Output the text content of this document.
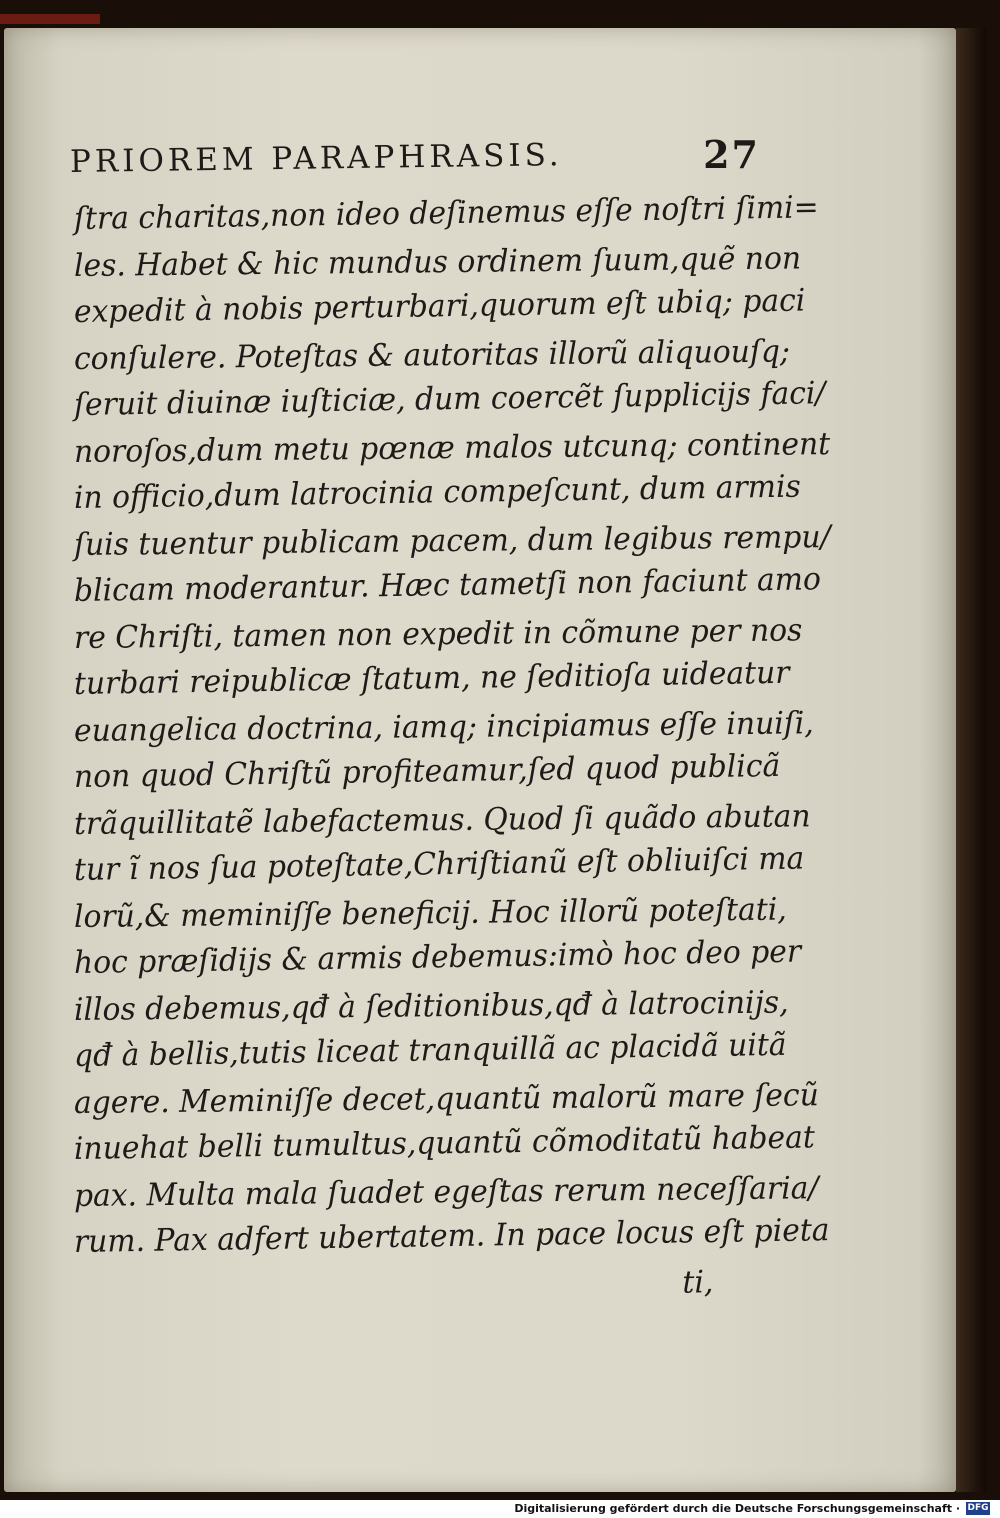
PRIOREM PARAPHRASIS.	27
ſtra charitas,non ideo deſinemus eſſe noſtri ſimi=
les. Habet & hic mundus ordinem ſuum,quẽ non
expedit à nobis perturbari,quorum eſt ubiq; paci
conſulere. Poteſtas & autoritas illorũ aliquouſq;
ſeruit diuinæ iuſticiæ, dum coercẽt ſupplicijs faci/
noroſos,dum metu pœnæ malos utcunq; continent
in officio,dum latrocinia compeſcunt, dum armis
ſuis tuentur publicam pacem, dum legibus rempu/
blicam moderantur. Hæc tametſi non faciunt amo
re Chriſti, tamen non expedit in cõmune per nos
turbari reipublicæ ſtatum, ne ſeditioſa uideatur
euangelica doctrina, iamq; incipiamus eſſe inuiſi,
non quod Chriſtũ profiteamur,ſed quod publicã
trãquillitatẽ labefactemus. Quod ſi quãdo abutan
tur ĩ nos ſua poteſtate,Chriſtianũ eſt obliuiſci ma
lorũ,& meminiſſe beneficij. Hoc illorũ poteſtati,
hoc præſidijs & armis debemus:imò hoc deo per
illos debemus,qđ à ſeditionibus,qđ à latrocinijs,
qđ à bellis,tutis liceat tranquillã ac placidã uitã
agere. Meminiſſe decet,quantũ malorũ mare ſecũ
inuehat belli tumultus,quantũ cõmoditatũ habeat
pax. Multa mala ſuadet egeſtas rerum neceſſaria/
rum. Pax adfert ubertatem. In pace locus eſt pieta
ti,
Digitalisierung gefördert durch die Deutsche Forschungsgemeinschaft · DFG
